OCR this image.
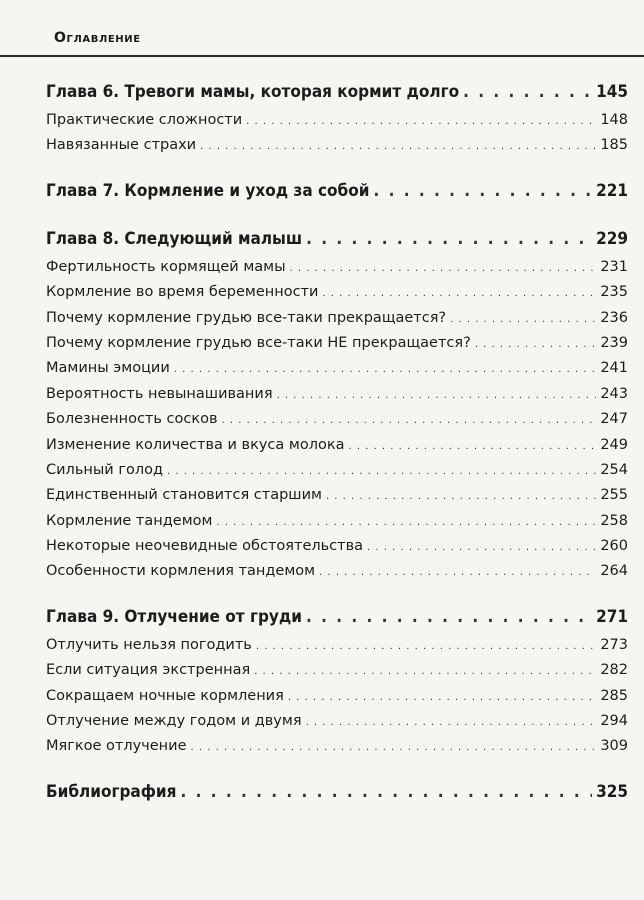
Оглавление
Глава 6. Тревоги мамы, которая кормит долго . . .	145
Практические сложности . . .	148
Навязанные страхи . . .	185
Глава 7. Кормление и уход за собой . . .	221
Глава 8. Следующий малыш . . .	229
Фертильность кормящей мамы . . .	231
Кормление во время беременности . . .	235
Почему кормление грудью все-таки прекращается? . . .	236
Почему кормление грудью все-таки НЕ прекращается? . . .	239
Мамины эмоции . . .	241
Вероятность невынашивания . . .	243
Болезненность сосков . . .	247
Изменение количества и вкуса молока . . .	249
Сильный голод . . .	254
Единственный становится старшим . . .	255
Кормление тандемом . . .	258
Некоторые неочевидные обстоятельства . . .	260
Особенности кормления тандемом . . .	264
Глава 9. Отлучение от груди . . .	271
Отлучить нельзя погодить . . .	273
Если ситуация экстренная . . .	282
Сокращаем ночные кормления . . .	285
Отлучение между годом и двумя . . .	294
Мягкое отлучение . . .	309
Библиография . . .	325
